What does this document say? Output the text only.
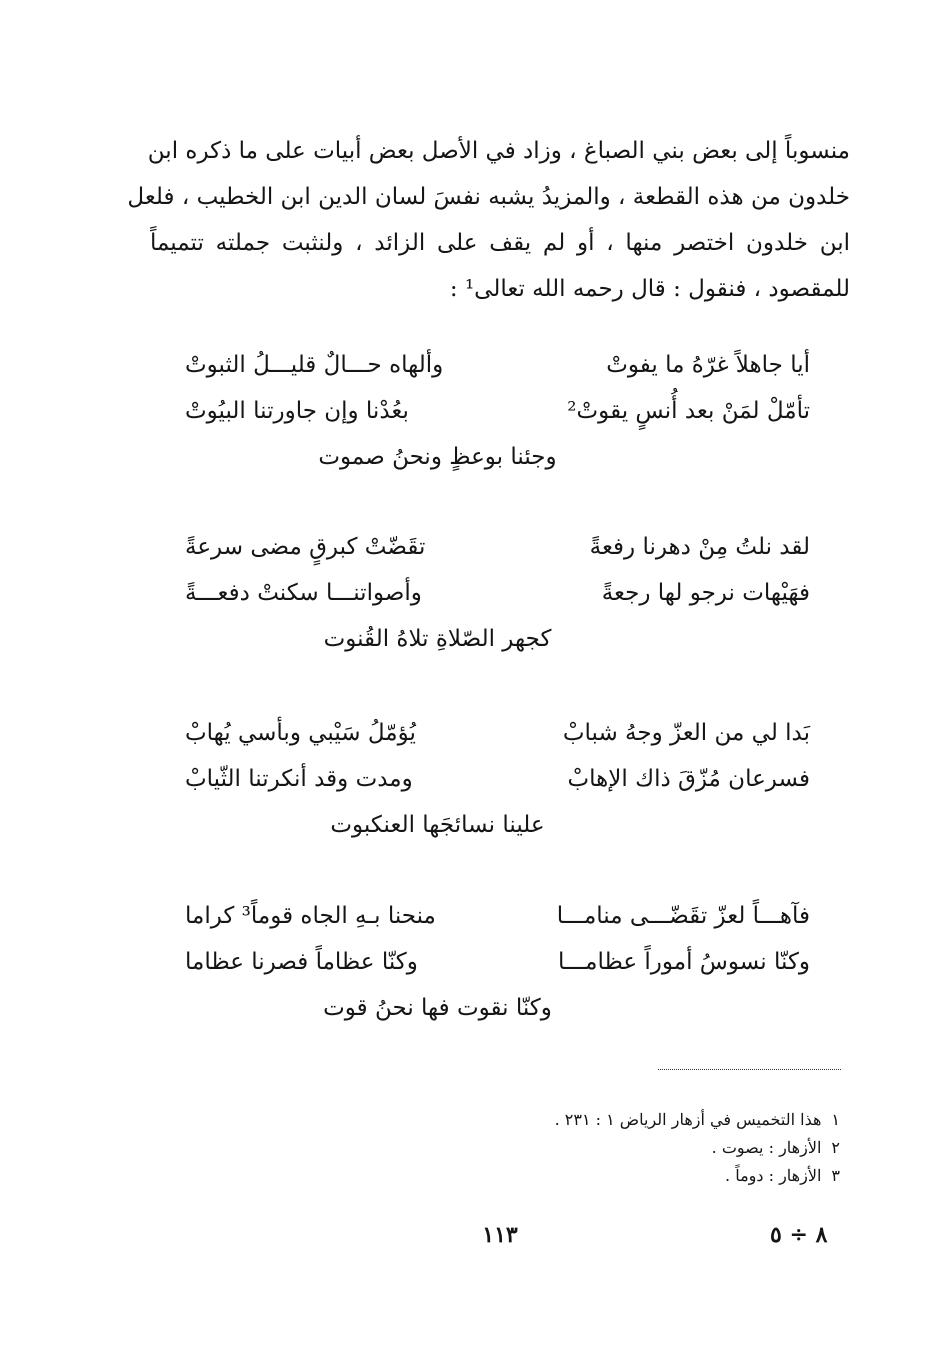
منسوباً إلى بعض بني الصباغ ، وزاد في الأصل بعض أبيات على ما ذكره ابن
خلدون من هذه القطعة ، والمزيدُ يشبه نفسَ لسان الدين ابن الخطيب ، فلعل
ابن خلدون اختصر منها ، أو لم يقف على الزائد ، ولنثبت جملته تتميماً
للمقصود ، فنقول : قال رحمه الله تعالى¹ :
أيا جاهلاً غرّهُ ما يفوتْ
وألهاه حـــالٌ قليـــلُ الثبوتْ
تأمّلْ لمَنْ بعد أُنسٍ يقوتْ²
بعُدْنا وإن جاورتنا البيُوتْ
وجئنا بوعظٍ ونحنُ صموت
لقد نلتُ مِنْ دهرنا رفعةً
تقَضّتْ كبرقٍ مضى سرعةً
فهَيْهات نرجو لها رجعةً
وأصواتنـــا سكنتْ دفعـــةً
كجهر الصّلاةِ تلاهُ القُنوت
بَدا لي من العزّ وجهُ شبابْ
يُؤمّلُ سَيْبي وبأسي يُهابْ
فسرعان مُزّقَ ذاك الإهابْ
ومدت وقد أنكرتنا الثّيابْ
علينا نسائجَها العنكبوت
فآهـــاً لعزّ تقَضّـــى منامـــا
منحنا بـهِ الجاه قوماً³ كراما
وكنّا نسوسُ أموراً عظامـــا
وكنّا عظاماً فصرنا عظاما
وكنّا نقوت فها نحنُ قوت
١هذا التخميس في أزهار الرياض ١ : ٢٣١ .
٢الأزهار : يصوت .
٣الأزهار : دوماً .
١١٣	٨ ÷ ٥
